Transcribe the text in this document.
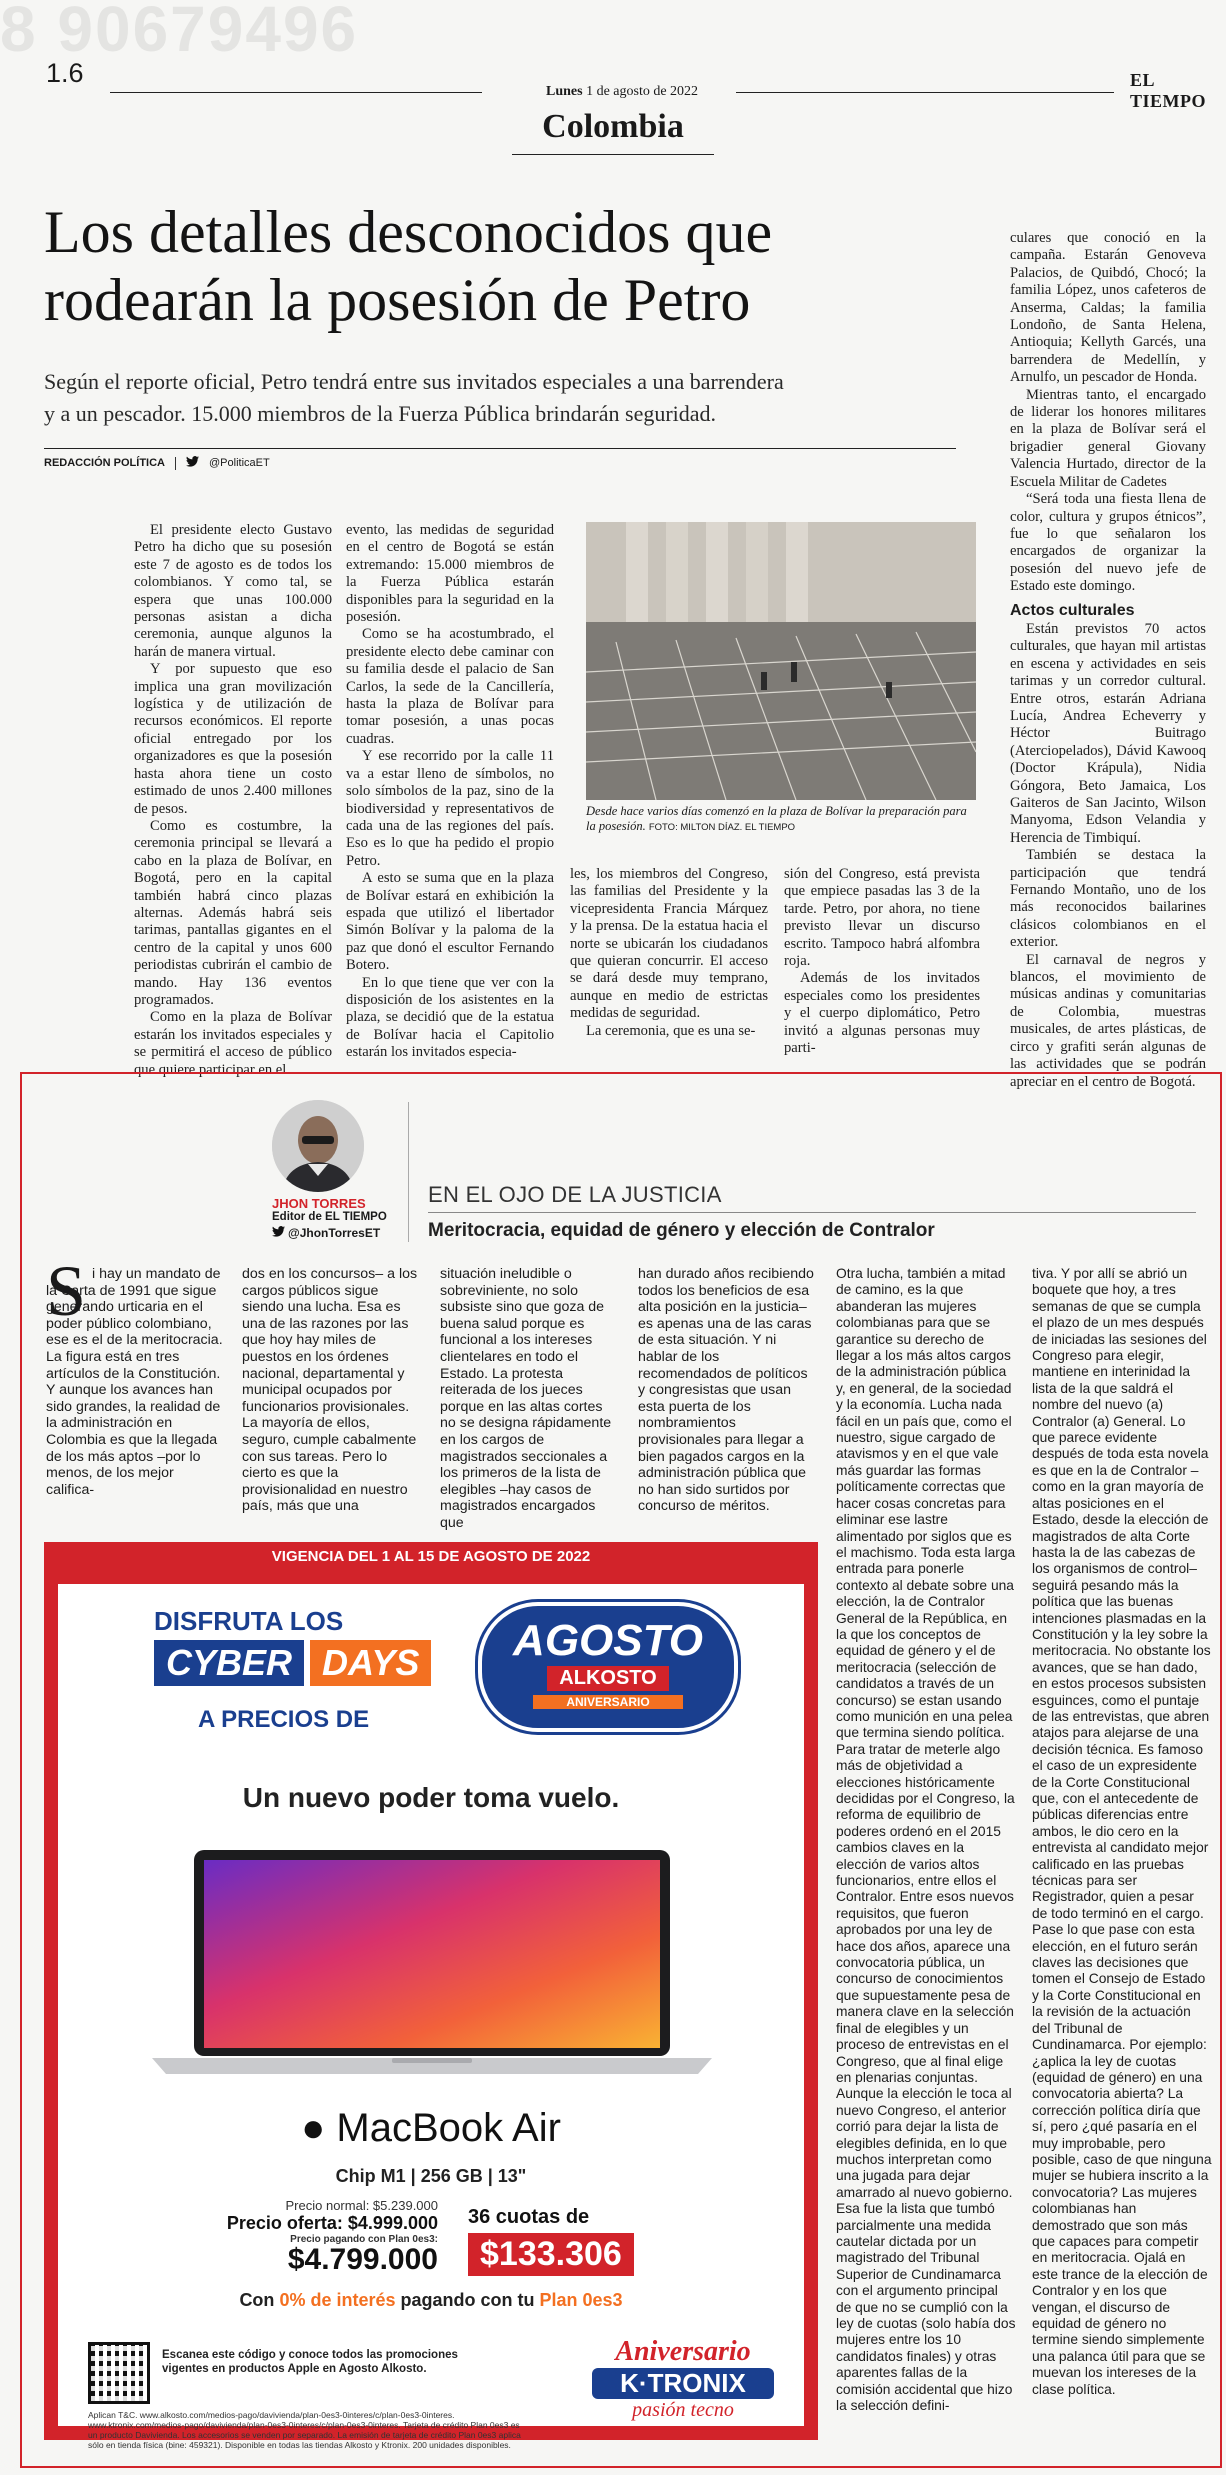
8 90679496
1.6
Lunes 1 de agosto de 2022
EL TIEMPO
Colombia
Los detalles desconocidos que
rodearán la posesión de Petro
Según el reporte oficial, Petro tendrá entre sus invitados especiales a una barrendera
y a un pescador. 15.000 miembros de la Fuerza Pública brindarán seguridad.
REDACCIÓN POLÍTICA	@PoliticaET

El presidente electo Gustavo Petro ha dicho que su posesión este 7 de agosto es de todos los colombianos. Y como tal, se espera que unas 100.000 personas asistan a dicha ceremonia, aunque algunos la harán de manera virtual.

Y por supuesto que eso implica una gran movilización logística y de utilización de recursos económicos. El reporte oficial entregado por los organizadores es que la posesión hasta ahora tiene un costo estimado de unos 2.400 millones de pesos.

Como es costumbre, la ceremonia principal se llevará a cabo en la plaza de Bolívar, en Bogotá, pero en la capital también habrá cinco plazas alternas. Además habrá seis tarimas, pantallas gigantes en el centro de la capital y unos 600 periodistas cubrirán el cambio de mando. Hay 136 eventos programados.

Como en la plaza de Bolívar estarán los invitados especiales y se permitirá el acceso de público que quiere participar en el

evento, las medidas de seguridad en el centro de Bogotá se están extremando: 15.000 miembros de la Fuerza Pública estarán disponibles para la seguridad en la posesión.

Como se ha acostumbrado, el presidente electo debe caminar con su familia desde el palacio de San Carlos, la sede de la Cancillería, hasta la plaza de Bolívar para tomar posesión, a unas pocas cuadras.

Y ese recorrido por la calle 11 va a estar lleno de símbolos, no solo símbolos de la paz, sino de la biodiversidad y representativos de cada una de las regiones del país. Eso es lo que ha pedido el propio Petro.

A esto se suma que en la plaza de Bolívar estará en exhibición la espada que utilizó el libertador Simón Bolívar y la paloma de la paz que donó el escultor Fernando Botero.

En lo que tiene que ver con la disposición de los asistentes en la plaza, se decidió que de la estatua de Bolívar hacia el Capitolio estarán los invitados especia-

Desde hace varios días comenzó en la plaza de Bolívar la preparación para la posesión. FOTO: MILTON DÍAZ. EL TIEMPO

les, los miembros del Congreso, las familias del Presidente y la vicepresidenta Francia Márquez y la prensa. De la estatua hacia el norte se ubicarán los ciudadanos que quieran concurrir. El acceso se dará desde muy temprano, aunque en medio de estrictas medidas de seguridad.

La ceremonia, que es una se-

sión del Congreso, está prevista que empiece pasadas las 3 de la tarde. Petro, por ahora, no tiene previsto llevar un discurso escrito. Tampoco habrá alfombra roja.

Además de los invitados especiales como los presidentes y el cuerpo diplomático, Petro invitó a algunas personas muy parti-

culares que conoció en la campaña. Estarán Genoveva Palacios, de Quibdó, Chocó; la familia López, unos cafeteros de Anserma, Caldas; la familia Londoño, de Santa Helena, Antioquia; Kellyth Garcés, una barrendera de Medellín, y Arnulfo, un pescador de Honda.

Mientras tanto, el encargado de liderar los honores militares en la plaza de Bolívar será el brigadier general Giovany Valencia Hurtado, director de la Escuela Militar de Cadetes

“Será toda una fiesta llena de color, cultura y grupos étnicos”, fue lo que señalaron los encargados de organizar la posesión del nuevo jefe de Estado este domingo.

Actos culturales

Están previstos 70 actos culturales, que hayan mil artistas en escena y actividades en seis tarimas y un corredor cultural. Entre otros, estarán Adriana Lucía, Andrea Echeverry y Héctor Buitrago (Aterciopelados), Dávid Kawooq (Doctor Krápula), Nidia Góngora, Beto Jamaica, Los Gaiteros de San Jacinto, Wilson Manyoma, Edson Velandia y Herencia de Timbiquí.

También se destaca la participación que tendrá Fernando Montaño, uno de los más reconocidos bailarines clásicos colombianos en el exterior.

El carnaval de negros y blancos, el movimiento de músicas andinas y comunitarias de Colombia, muestras musicales, de artes plásticas, de circo y grafiti serán algunas de las actividades que se podrán apreciar en el centro de Bogotá.

JHON TORRES
Editor de EL TIEMPO
@JhonTorresET
EN EL OJO DE LA JUSTICIA
Meritocracia, equidad de género y elección de Contralor
S i hay un mandato de la Carta de 1991 que sigue generando urticaria en el poder público colombiano, ese es el de la meritocracia. La figura está en tres artículos de la Constitución. Y aunque los avances han sido grandes, la realidad de la administración en Colombia es que la llegada de los más aptos –por lo menos, de los mejor califica-

dos en los concursos– a los cargos públicos sigue siendo una lucha. Esa es una de las razones por las que hoy hay miles de puestos en los órdenes nacional, departamental y municipal ocupados por funcionarios provisionales. La mayoría de ellos, seguro, cumple cabalmente con sus tareas. Pero lo cierto es que la provisionalidad en nuestro país, más que una

situación ineludible o sobreviniente, no solo subsiste sino que goza de buena salud porque es funcional a los intereses clientelares en todo el Estado. La protesta reiterada de los jueces porque en las altas cortes no se designa rápidamente en los cargos de magistrados seccionales a los primeros de la lista de elegibles –hay casos de magistrados encargados que

han durado años recibiendo todos los beneficios de esa alta posición en la justicia– es apenas una de las caras de esta situación. Y ni hablar de los recomendados de políticos y congresistas que usan esta puerta de los nombramientos provisionales para llegar a bien pagados cargos en la administración pública que no han sido surtidos por concurso de méritos.

Otra lucha, también a mitad de camino, es la que abanderan las mujeres colombianas para que se garantice su derecho de llegar a los más altos cargos de la administración pública y, en general, de la sociedad y la economía. Lucha nada fácil en un país que, como el nuestro, sigue cargado de atavismos y en el que vale más guardar las formas políticamente correctas que hacer cosas concretas para eliminar ese lastre alimentado por siglos que es el machismo. Toda esta larga entrada para ponerle contexto al debate sobre una elección, la de Contralor General de la República, en la que los conceptos de equidad de género y el de meritocracia (selección de candidatos a través de un concurso) se estan usando como munición en una pelea que termina siendo política. Para tratar de meterle algo más de objetividad a elecciones históricamente decididas por el Congreso, la reforma de equilibrio de poderes ordenó en el 2015 cambios claves en la elección de varios altos funcionarios, entre ellos el Contralor. Entre esos nuevos requisitos, que fueron aprobados por una ley de hace dos años, aparece una convocatoria pública, un concurso de conocimientos que supuestamente pesa de manera clave en la selección final de elegibles y un proceso de entrevistas en el Congreso, que al final elige en plenarias conjuntas. Aunque la elección le toca al nuevo Congreso, el anterior corrió para dejar la lista de elegibles definida, en lo que muchos interpretan como una jugada para dejar amarrado al nuevo gobierno. Esa fue la lista que tumbó parcialmente una medida cautelar dictada por un magistrado del Tribunal Superior de Cundinamarca con el argumento principal de que no se cumplió con la ley de cuotas (solo había dos mujeres entre los 10 candidatos finales) y otras aparentes fallas de la comisión accidental que hizo la selección defini-

tiva. Y por allí se abrió un boquete que hoy, a tres semanas de que se cumpla el plazo de un mes después de iniciadas las sesiones del Congreso para elegir, mantiene en interinidad la lista de la que saldrá el nombre del nuevo (a) Contralor (a) General. Lo que parece evidente después de toda esta novela es que en la de Contralor –como en la gran mayoría de altas posiciones en el Estado, desde la elección de magistrados de alta Corte hasta la de las cabezas de los organismos de control– seguirá pesando más la política que las buenas intenciones plasmadas en la Constitución y la ley sobre la meritocracia. No obstante los avances, que se han dado, en estos procesos subsisten esguinces, como el puntaje de las entrevistas, que abren atajos para alejarse de una decisión técnica. Es famoso el caso de un expresidente de la Corte Constitucional que, con el antecedente de públicas diferencias entre ambos, le dio cero en la entrevista al candidato mejor calificado en las pruebas técnicas para ser Registrador, quien a pesar de todo terminó en el cargo. Pase lo que pase con esta elección, en el futuro serán claves las decisiones que tomen el Consejo de Estado y la Corte Constitucional en la revisión de la actuación del Tribunal de Cundinamarca. Por ejemplo: ¿aplica la ley de cuotas (equidad de género) en una convocatoria abierta? La corrección política diría que sí, pero ¿qué pasaría en el muy improbable, pero posible, caso de que ninguna mujer se hubiera inscrito a la convocatoria? Las mujeres colombianas han demostrado que son más que capaces para competir en meritocracia. Ojalá en este trance de la elección de Contralor y en los que vengan, el discurso de equidad de género no termine siendo simplemente una palanca útil para que se muevan los intereses de la clase política.

VIGENCIA DEL 1 AL 15 DE AGOSTO DE 2022
DISFRUTA LOS
CYBER DAYS
A PRECIOS DE
AGOSTO
ALKOSTO
ANIVERSARIO
Un nuevo poder toma vuelo.
● MacBook Air
Chip M1 | 256 GB | 13"
Precio normal: $5.239.000
Precio oferta: $4.999.000
Precio pagando con Plan 0es3:
$4.799.000
36 cuotas de
$133.306
Con 0% de interés pagando con tu Plan 0es3
Escanea este código y conoce todos las promociones vigentes en productos Apple en Agosto Alkosto.
Aplican T&C. www.alkosto.com/medios-pago/davivienda/plan-0es3-0interes/c/plan-0es3-0interes. www.ktronix.com/medios-pago/davivienda/plan-0es3-0interes/c/plan-0es3-0interes. Tarjeta de crédito Plan 0es3 es un producto Davivienda. Los accesorios se venden por separado. La emisión de tarjeta de crédito Plan 0es3 aplica sólo en tienda física (bine: 459321). Disponible en todas las tiendas Alkosto y Ktronix. 200 unidades disponibles.
Aniversario
K·TRONIX
pasión tecno
